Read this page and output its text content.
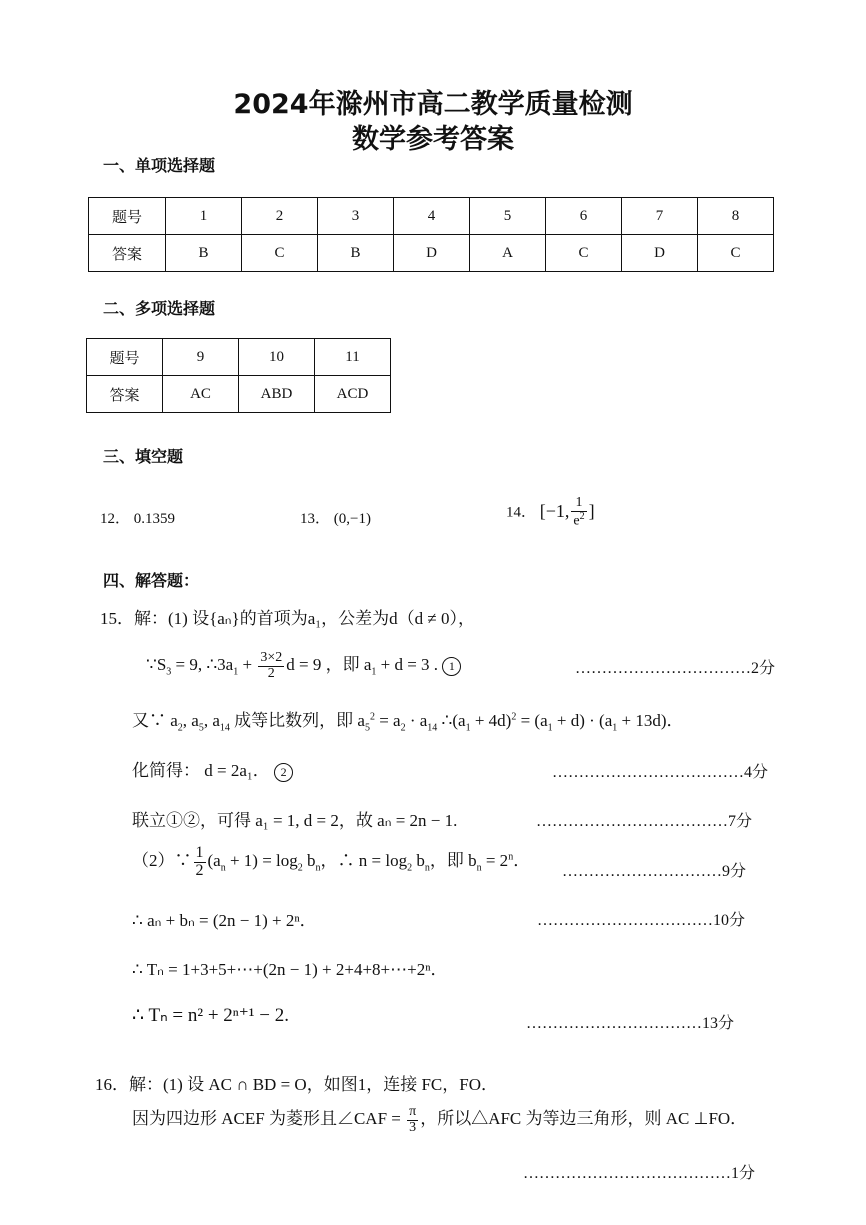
2024年滁州市高二教学质量检测
数学参考答案
一、单项选择题
题号	1	2	3	4	5	6	7	8
答案	B	C	B	D	A	C	D	C
二、多项选择题
题号	9	10	11
答案	AC	ABD	ACD
三、填空题
12． 0.1359	13． (0,−1)	14． [−1, $\frac{1}{e^2}$ ]
四、解答题：
15．解：(1) 设{aₙ}的首项为a₁，公差为d（d ≠ 0），
$\because S_3 = 9$, $\therefore 3a_1 + \frac{3\times 2}{2}$ d = 9 ，即 $a_1 + d = 3$ . 1	……………………………2分
又∵ $a_2$, $a_5$, $a_{14}$ 成等比数列，即 $a_5^2 = a_2 \cdot a_{14}$ $\therefore(a_1 + 4d)^2 = (a_1 + d) \cdot (a_1 + 13d)$．
化简得： d = 2a₁． 2	………………………………4分
联立①②，可得 a₁ = 1, d = 2，故 aₙ = 2n − 1.	………………………………7分
（2）∵ $\frac{1}{2} (a_n + 1) = \log_2 b_n$，∴ $n = \log_2 b_n$，即 $b_n = 2^n$．
…………………………9分
∴ aₙ + bₙ = (2n − 1) + 2ⁿ．	……………………………10分
∴ Tₙ = 1+3+5+⋯+(2n − 1) + 2+4+8+⋯+2ⁿ．
∴ Tₙ = n² + 2ⁿ⁺¹ − 2.	……………………………13分
16．解：(1) 设 AC ∩ BD = O，如图1，连接 FC，FO．
因为四边形 ACEF 为菱形且∠CAF = $\frac{\pi}{3}$ ，所以△AFC 为等边三角形，则 AC ⊥FO．
…………………………………1分
